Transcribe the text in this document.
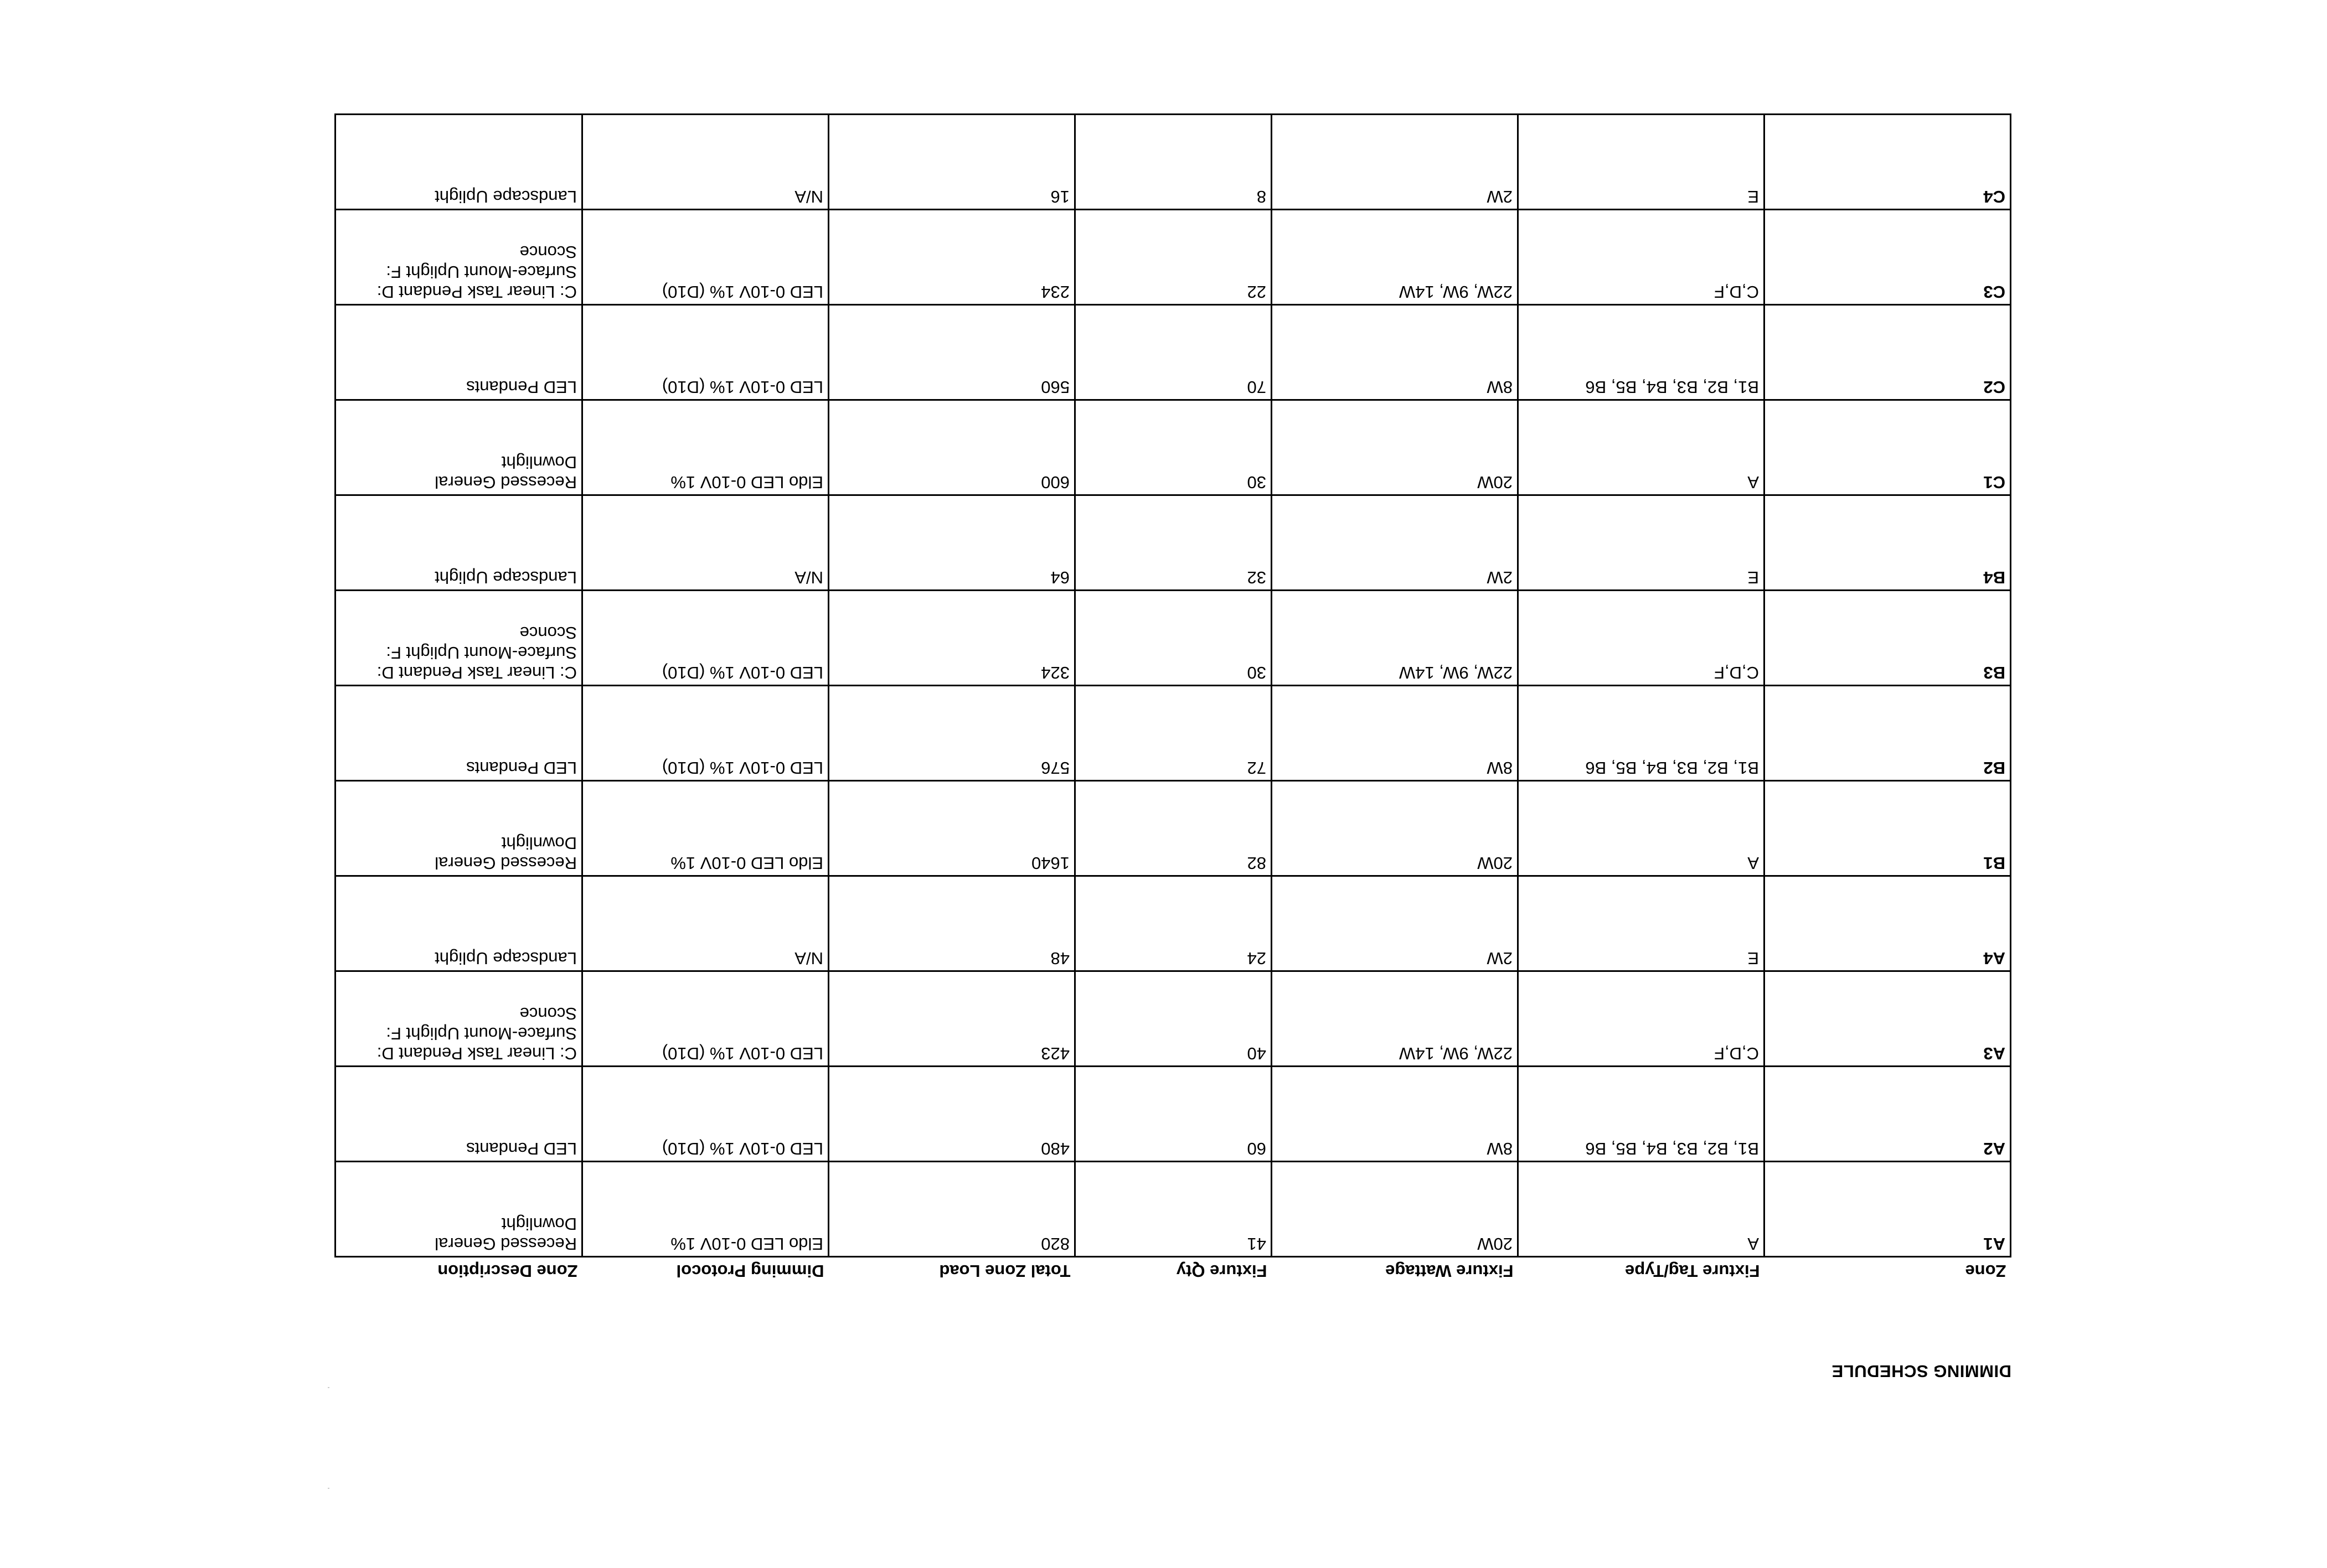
DIMMING SCHEDULE
Zone	Fixture Tag/Type	Fixture Wattage	Fixture Qty	Total Zone Load	Dimming Protocol	Zone Description
A1	A	20W	41	820	Eldo LED 0-10V 1%	Recessed General
Downlight

A2	B1, B2, B3, B4, B5, B6	8W	60	480	LED 0-10V 1% (D10)	LED Pendants

A3	C,D,F	22W, 9W, 14W	40	423	LED 0-10V 1% (D10)	C: Linear Task Pendant D:
Surface-Mount Uplight F:
Sconce

A4	E	2W	24	48	N/A	Landscape Uplight

B1	A	20W	82	1640	Eldo LED 0-10V 1%	Recessed General
Downlight

B2	B1, B2, B3, B4, B5, B6	8W	72	576	LED 0-10V 1% (D10)	LED Pendants

B3	C,D,F	22W, 9W, 14W	30	324	LED 0-10V 1% (D10)	C: Linear Task Pendant D:
Surface-Mount Uplight F:
Sconce

B4	E	2W	32	64	N/A	Landscape Uplight

C1	A	20W	30	600	Eldo LED 0-10V 1%	Recessed General
Downlight

C2	B1, B2, B3, B4, B5, B6	8W	70	560	LED 0-10V 1% (D10)	LED Pendants

C3	C,D,F	22W, 9W, 14W	22	234	LED 0-10V 1% (D10)	C: Linear Task Pendant D:
Surface-Mount Uplight F:
Sconce

C4	E	2W	8	16	N/A	Landscape Uplight
